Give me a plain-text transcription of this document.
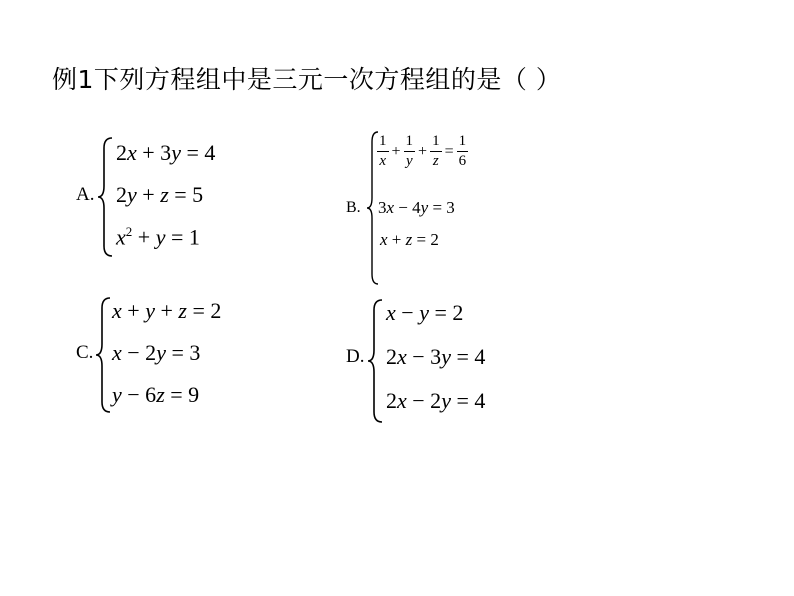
例1下列方程组中是三元一次方程组的是（ ）
A.
2x + 3y = 4
2y + z = 5
$x^2 + y = 1$
B.
$\frac{1}{x} + \frac{1}{y} + \frac{1}{z} = \frac{1}{6}$
3x − 4y = 3
x + z = 2
C.
x + y + z = 2
x − 2y = 3
y − 6z = 9
D.
x − y = 2
2x − 3y = 4
2x − 2y = 4
